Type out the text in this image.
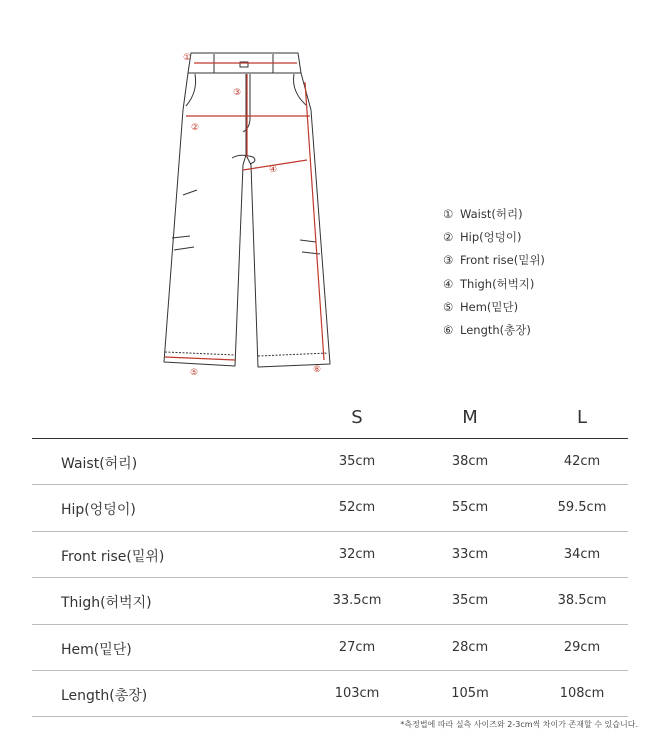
①
②
③
④
⑤	⑥
① Waist(허리)
② Hip(엉덩이)
③ Front rise(밑위)
④ Thigh(허벅지)
⑤ Hem(밑단)
⑥ Length(총장)
S	M	L
Waist(허리)	35cm	38cm	42cm
Hip(엉덩이)	52cm	55cm	59.5cm
Front rise(밑위)	32cm	33cm	34cm
Thigh(허벅지)	33.5cm	35cm	38.5cm
Hem(밑단)	27cm	28cm	29cm
Length(총장)	103cm	105m	108cm
*측정법에 따라 실측 사이즈와 2-3cm씩 차이가 존재할 수 있습니다.
